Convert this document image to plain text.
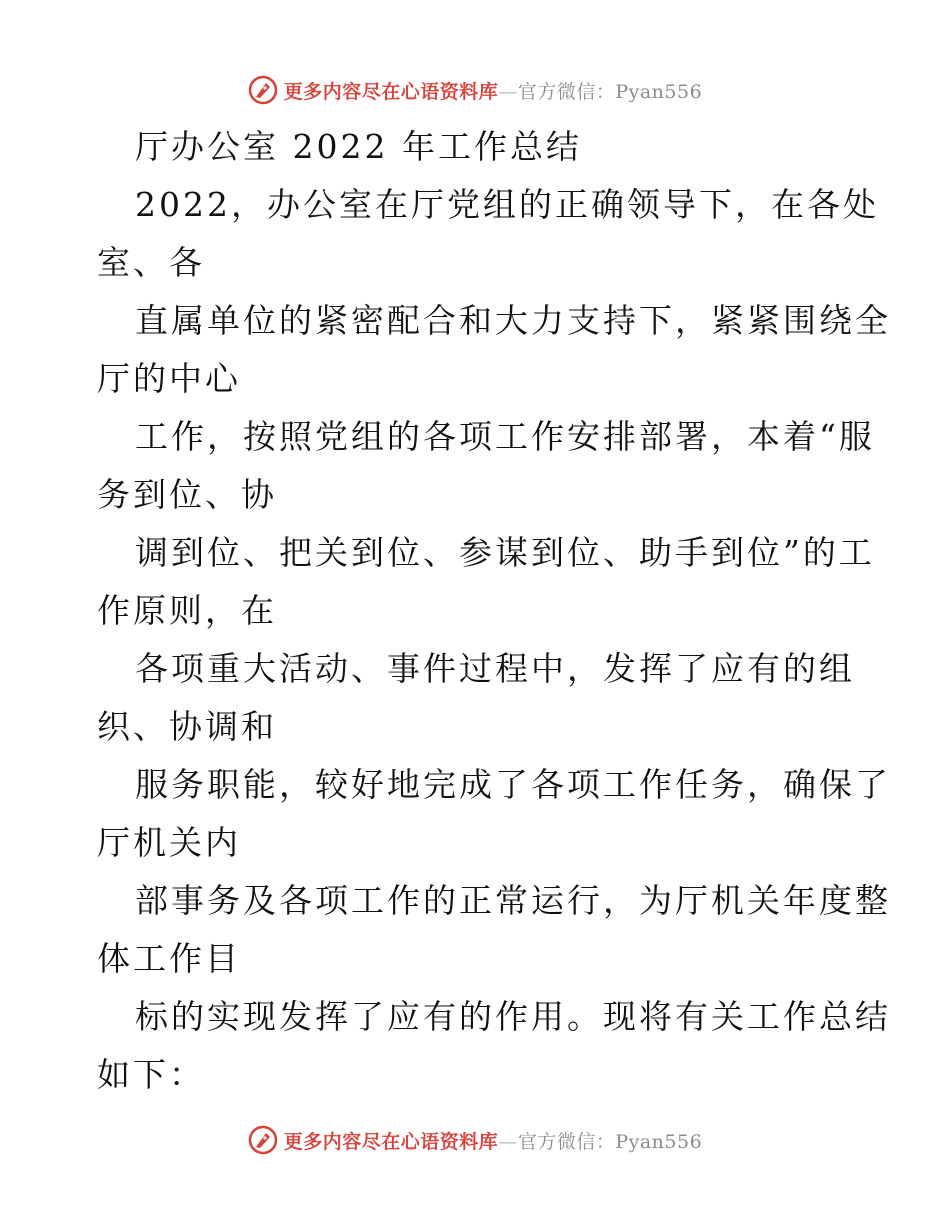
更多内容尽在心语资料库—官方微信：Pyan556
厅办公室 2022 年工作总结
2022，办公室在厅党组的正确领导下，在各处
室、各
直属单位的紧密配合和大力支持下，紧紧围绕全
厅的中心
工作，按照党组的各项工作安排部署，本着“服
务到位、协
调到位、把关到位、参谋到位、助手到位”的工
作原则，在
各项重大活动、事件过程中，发挥了应有的组
织、协调和
服务职能，较好地完成了各项工作任务，确保了
厅机关内
部事务及各项工作的正常运行，为厅机关年度整
体工作目
标的实现发挥了应有的作用。现将有关工作总结
如下：
更多内容尽在心语资料库—官方微信：Pyan556
